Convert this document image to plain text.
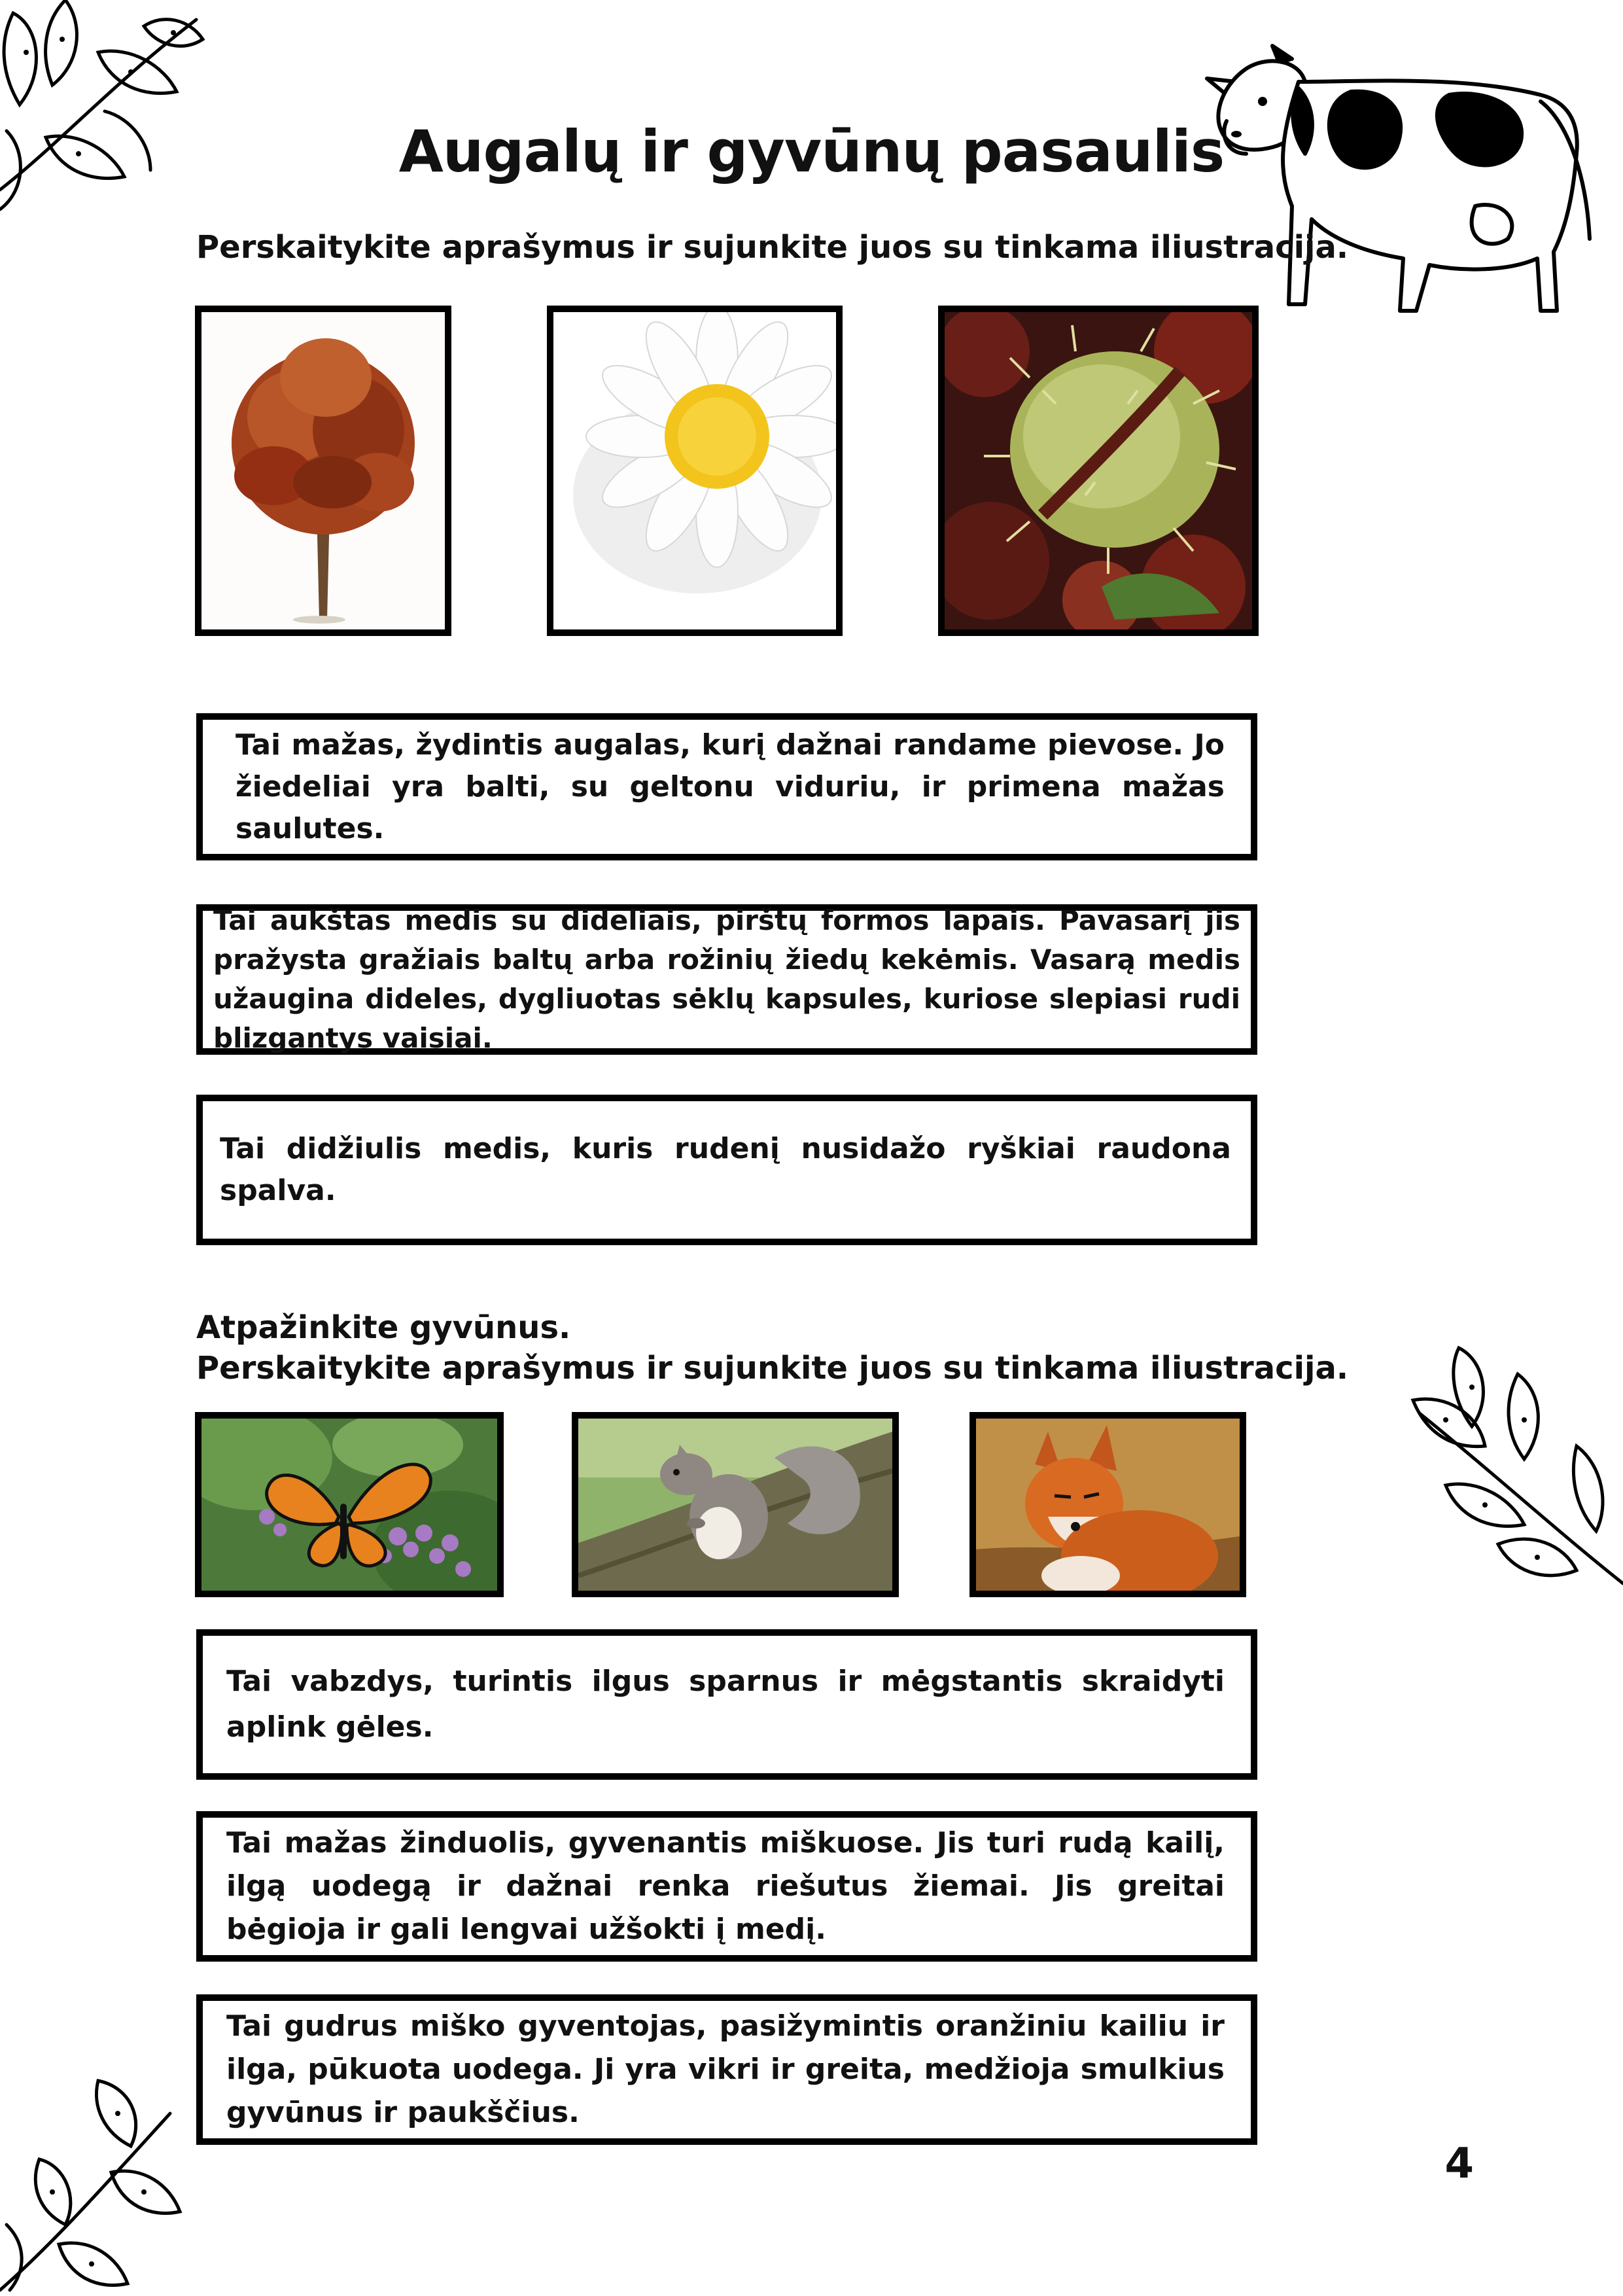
Augalų ir gyvūnų pasaulis
Perskaitykite aprašymus ir sujunkite juos su tinkama iliustracija.
Tai mažas, žydintis augalas, kurį dažnai randame pievose. Jo žiedeliai yra balti, su geltonu viduriu, ir primena mažas saulutes.
Tai aukštas medis su dideliais, pirštų formos lapais. Pavasarį jis pražysta gražiais baltų arba rožinių žiedų kekėmis. Vasarą medis užaugina dideles, dygliuotas sėklų kapsules, kuriose slepiasi rudi blizgantys vaisiai.
Tai didžiulis medis, kuris rudenį nusidažo ryškiai raudona spalva.
Atpažinkite gyvūnus.
Perskaitykite aprašymus ir sujunkite juos su tinkama iliustracija.
Tai vabzdys, turintis ilgus sparnus ir mėgstantis skraidyti aplink gėles.
Tai mažas žinduolis, gyvenantis miškuose. Jis turi rudą kailį, ilgą uodegą ir dažnai renka riešutus žiemai. Jis greitai bėgioja ir gali lengvai užšokti į medį.
Tai gudrus miško gyventojas, pasižymintis oranžiniu kailiu ir ilga, pūkuota uodega. Ji yra vikri ir greita, medžioja smulkius gyvūnus ir paukščius.
4
